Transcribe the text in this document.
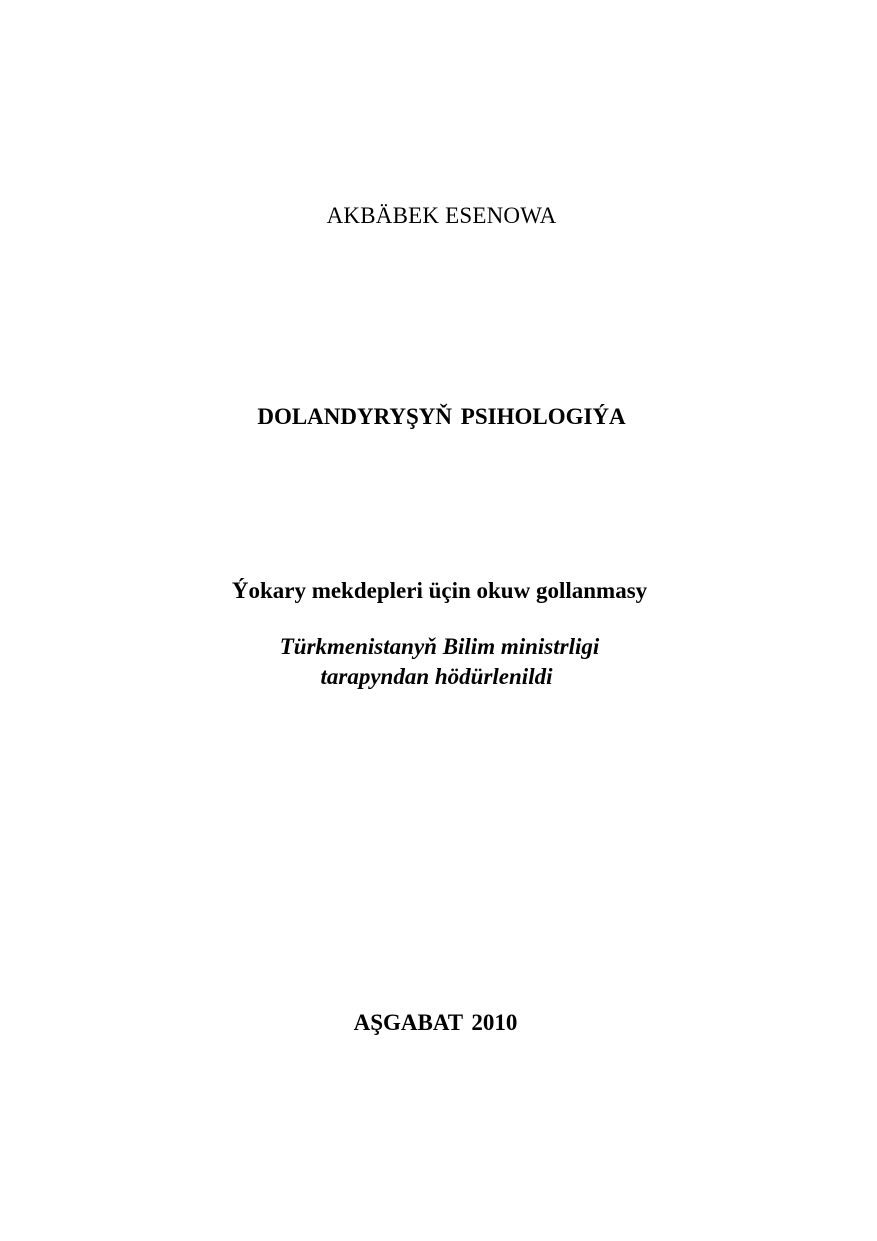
AKBÄBEK ESENOWA
DOLANDYRYŞYŇ PSIHOLOGIÝA
Ýokary mekdepleri üçin okuw gollanmasy
Türkmenistanyň Bilim ministrligi
tarapyndan hödürlenildi
AŞGABAT 2010
